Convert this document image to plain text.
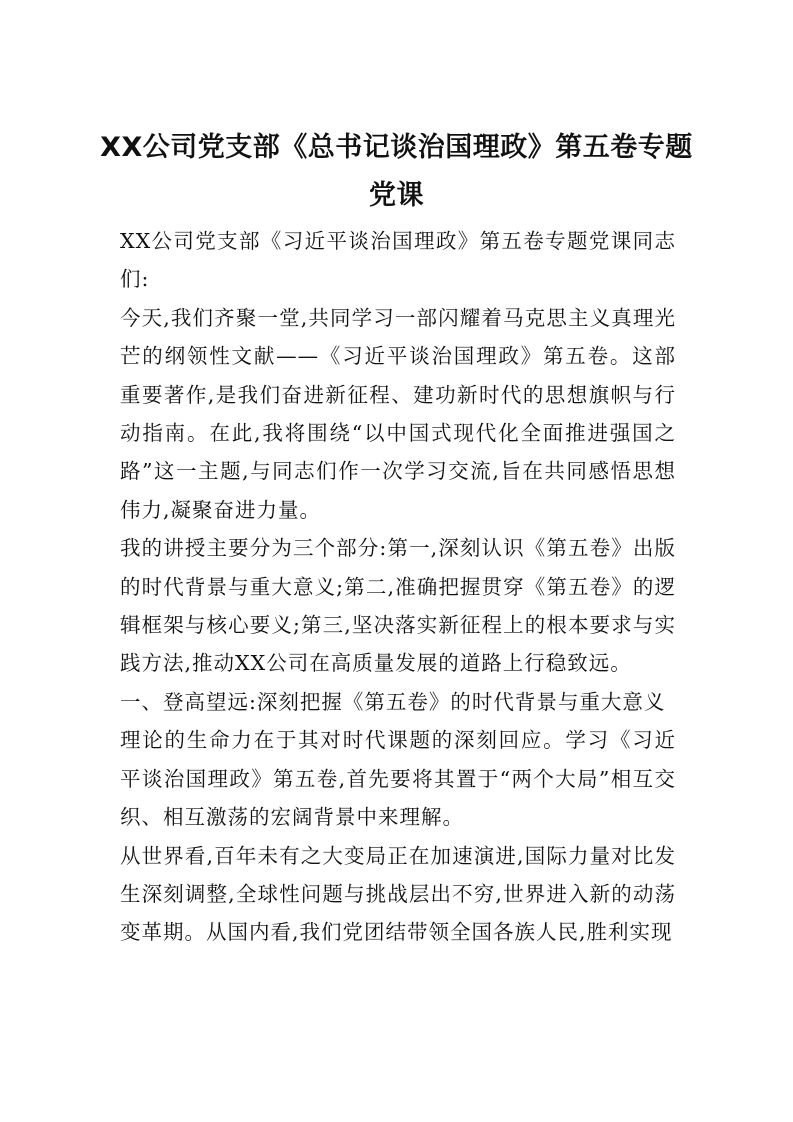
XX公司党支部《总书记谈治国理政》第五卷专题党课

XX公司党支部《习近平谈治国理政》第五卷专题党课同志们:

今天,我们齐聚一堂,共同学习一部闪耀着马克思主义真理光芒的纲领性文献——《习近平谈治国理政》第五卷。这部重要著作,是我们奋进新征程、建功新时代的思想旗帜与行动指南。在此,我将围绕“以中国式现代化全面推进强国之路”这一主题,与同志们作一次学习交流,旨在共同感悟思想伟力,凝聚奋进力量。

我的讲授主要分为三个部分:第一,深刻认识《第五卷》出版的时代背景与重大意义;第二,准确把握贯穿《第五卷》的逻辑框架与核心要义;第三,坚决落实新征程上的根本要求与实践方法,推动XX公司在高质量发展的道路上行稳致远。

一、登高望远:深刻把握《第五卷》的时代背景与重大意义

理论的生命力在于其对时代课题的深刻回应。学习《习近平谈治国理政》第五卷,首先要将其置于“两个大局”相互交织、相互激荡的宏阔背景中来理解。

从世界看,百年未有之大变局正在加速演进,国际力量对比发生深刻调整,全球性问题与挑战层出不穷,世界进入新的动荡变革期。从国内看,我们党团结带领全国各族人民,胜利实现
